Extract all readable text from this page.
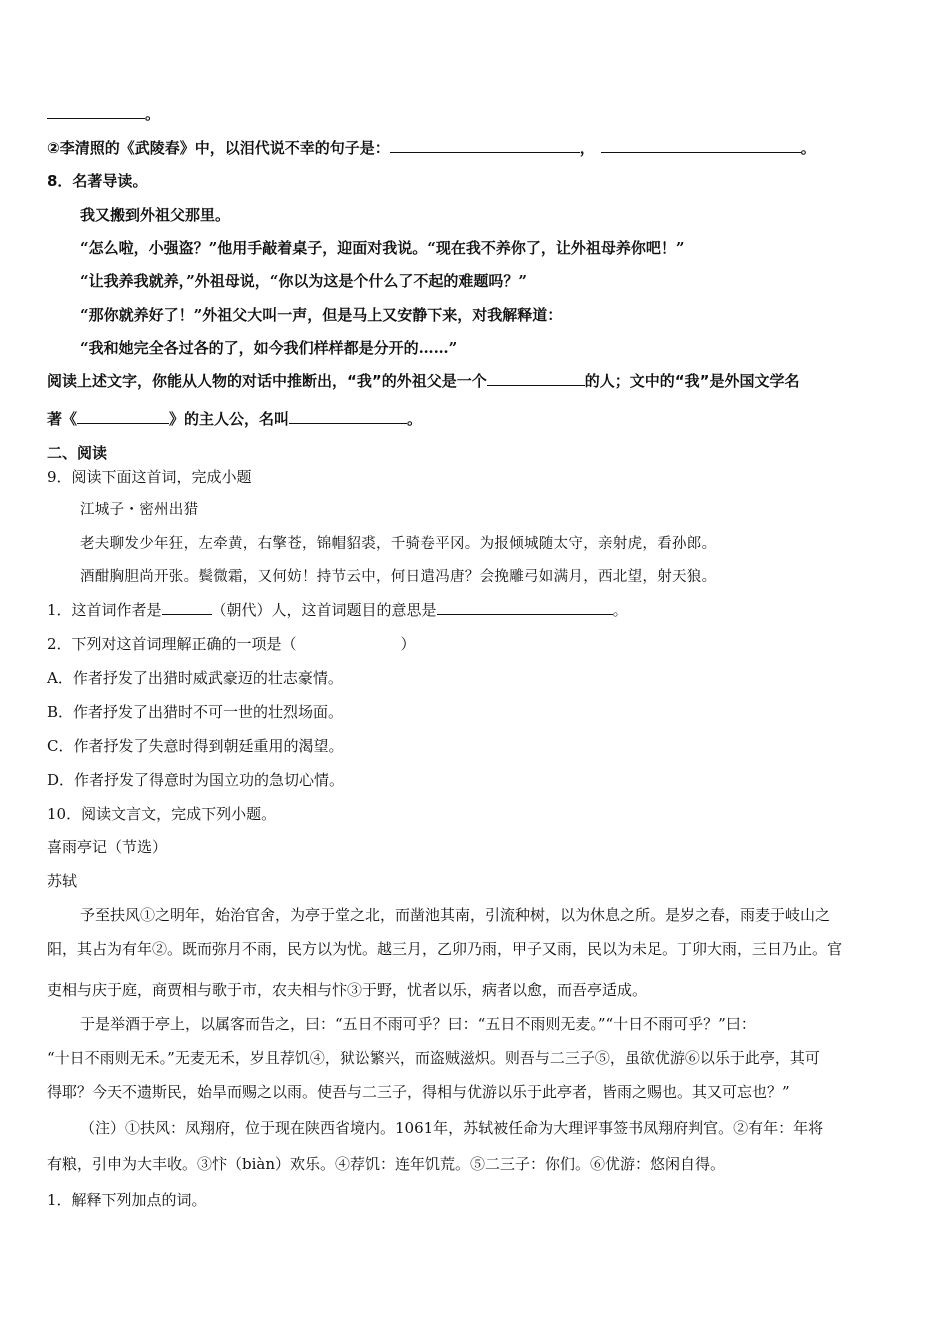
。
②李清照的《武陵春》中，以泪代说不幸的句子是：	，	。
8．名著导读。
我又搬到外祖父那里。
“怎么啦，小强盗？”他用手敲着桌子，迎面对我说。“现在我不养你了，让外祖母养你吧！”
“让我养我就养，”外祖母说，“你以为这是个什么了不起的难题吗？”
“那你就养好了！”外祖父大叫一声，但是马上又安静下来，对我解释道：
“我和她完全各过各的了，如今我们样样都是分开的……”
阅读上述文字，你能从人物的对话中推断出，“我”的外祖父是一个	的人；文中的“我”是外国文学名
著《	》的主人公，名叫	。
二、阅读
9．阅读下面这首词，完成小题
江城子・密州出猎
老夫聊发少年狂，左牵黄，右擎苍，锦帽貂裘，千骑卷平冈。为报倾城随太守，亲射虎，看孙郎。
酒酣胸胆尚开张。鬓微霜，又何妨！持节云中，何日遣冯唐？会挽雕弓如满月，西北望，射天狼。
1．这首词作者是	（朝代）人，这首词题目的意思是	。
2．下列对这首词理解正确的一项是（	）
A．作者抒发了出猎时威武豪迈的壮志豪情。
B．作者抒发了出猎时不可一世的壮烈场面。
C．作者抒发了失意时得到朝廷重用的渴望。
D．作者抒发了得意时为国立功的急切心情。
10．阅读文言文，完成下列小题。
喜雨亭记（节选）
苏轼
予至扶风①之明年，始治官舍，为亭于堂之北，而凿池其南，引流种树，以为休息之所。是岁之春，雨麦于岐山之
阳，其占为有年②。既而弥月不雨，民方以为忧。越三月，乙卯乃雨，甲子又雨，民以为未足。丁卯大雨，三日乃止。官
吏相与庆于庭，商贾相与歌于市，农夫相与忭③于野，忧者以乐，病者以愈，而吾亭适成。
于是举酒于亭上，以属客而告之，曰：“五日不雨可乎？曰：“五日不雨则无麦。”“十日不雨可乎？”曰：
“十日不雨则无禾。”无麦无禾，岁且荐饥④，狱讼繁兴，而盗贼滋炽。则吾与二三子⑤，虽欲优游⑥以乐于此亭，其可
得耶？今天不遗斯民，始旱而赐之以雨。使吾与二三子，得相与优游以乐于此亭者，皆雨之赐也。其又可忘也？”
（注）①扶风：凤翔府，位于现在陕西省境内。1061年，苏轼被任命为大理评事签书凤翔府判官。②有年：年将
有粮，引申为大丰收。③忭（biàn）欢乐。④荐饥：连年饥荒。⑤二三子：你们。⑥优游：悠闲自得。
1．解释下列加点的词。
